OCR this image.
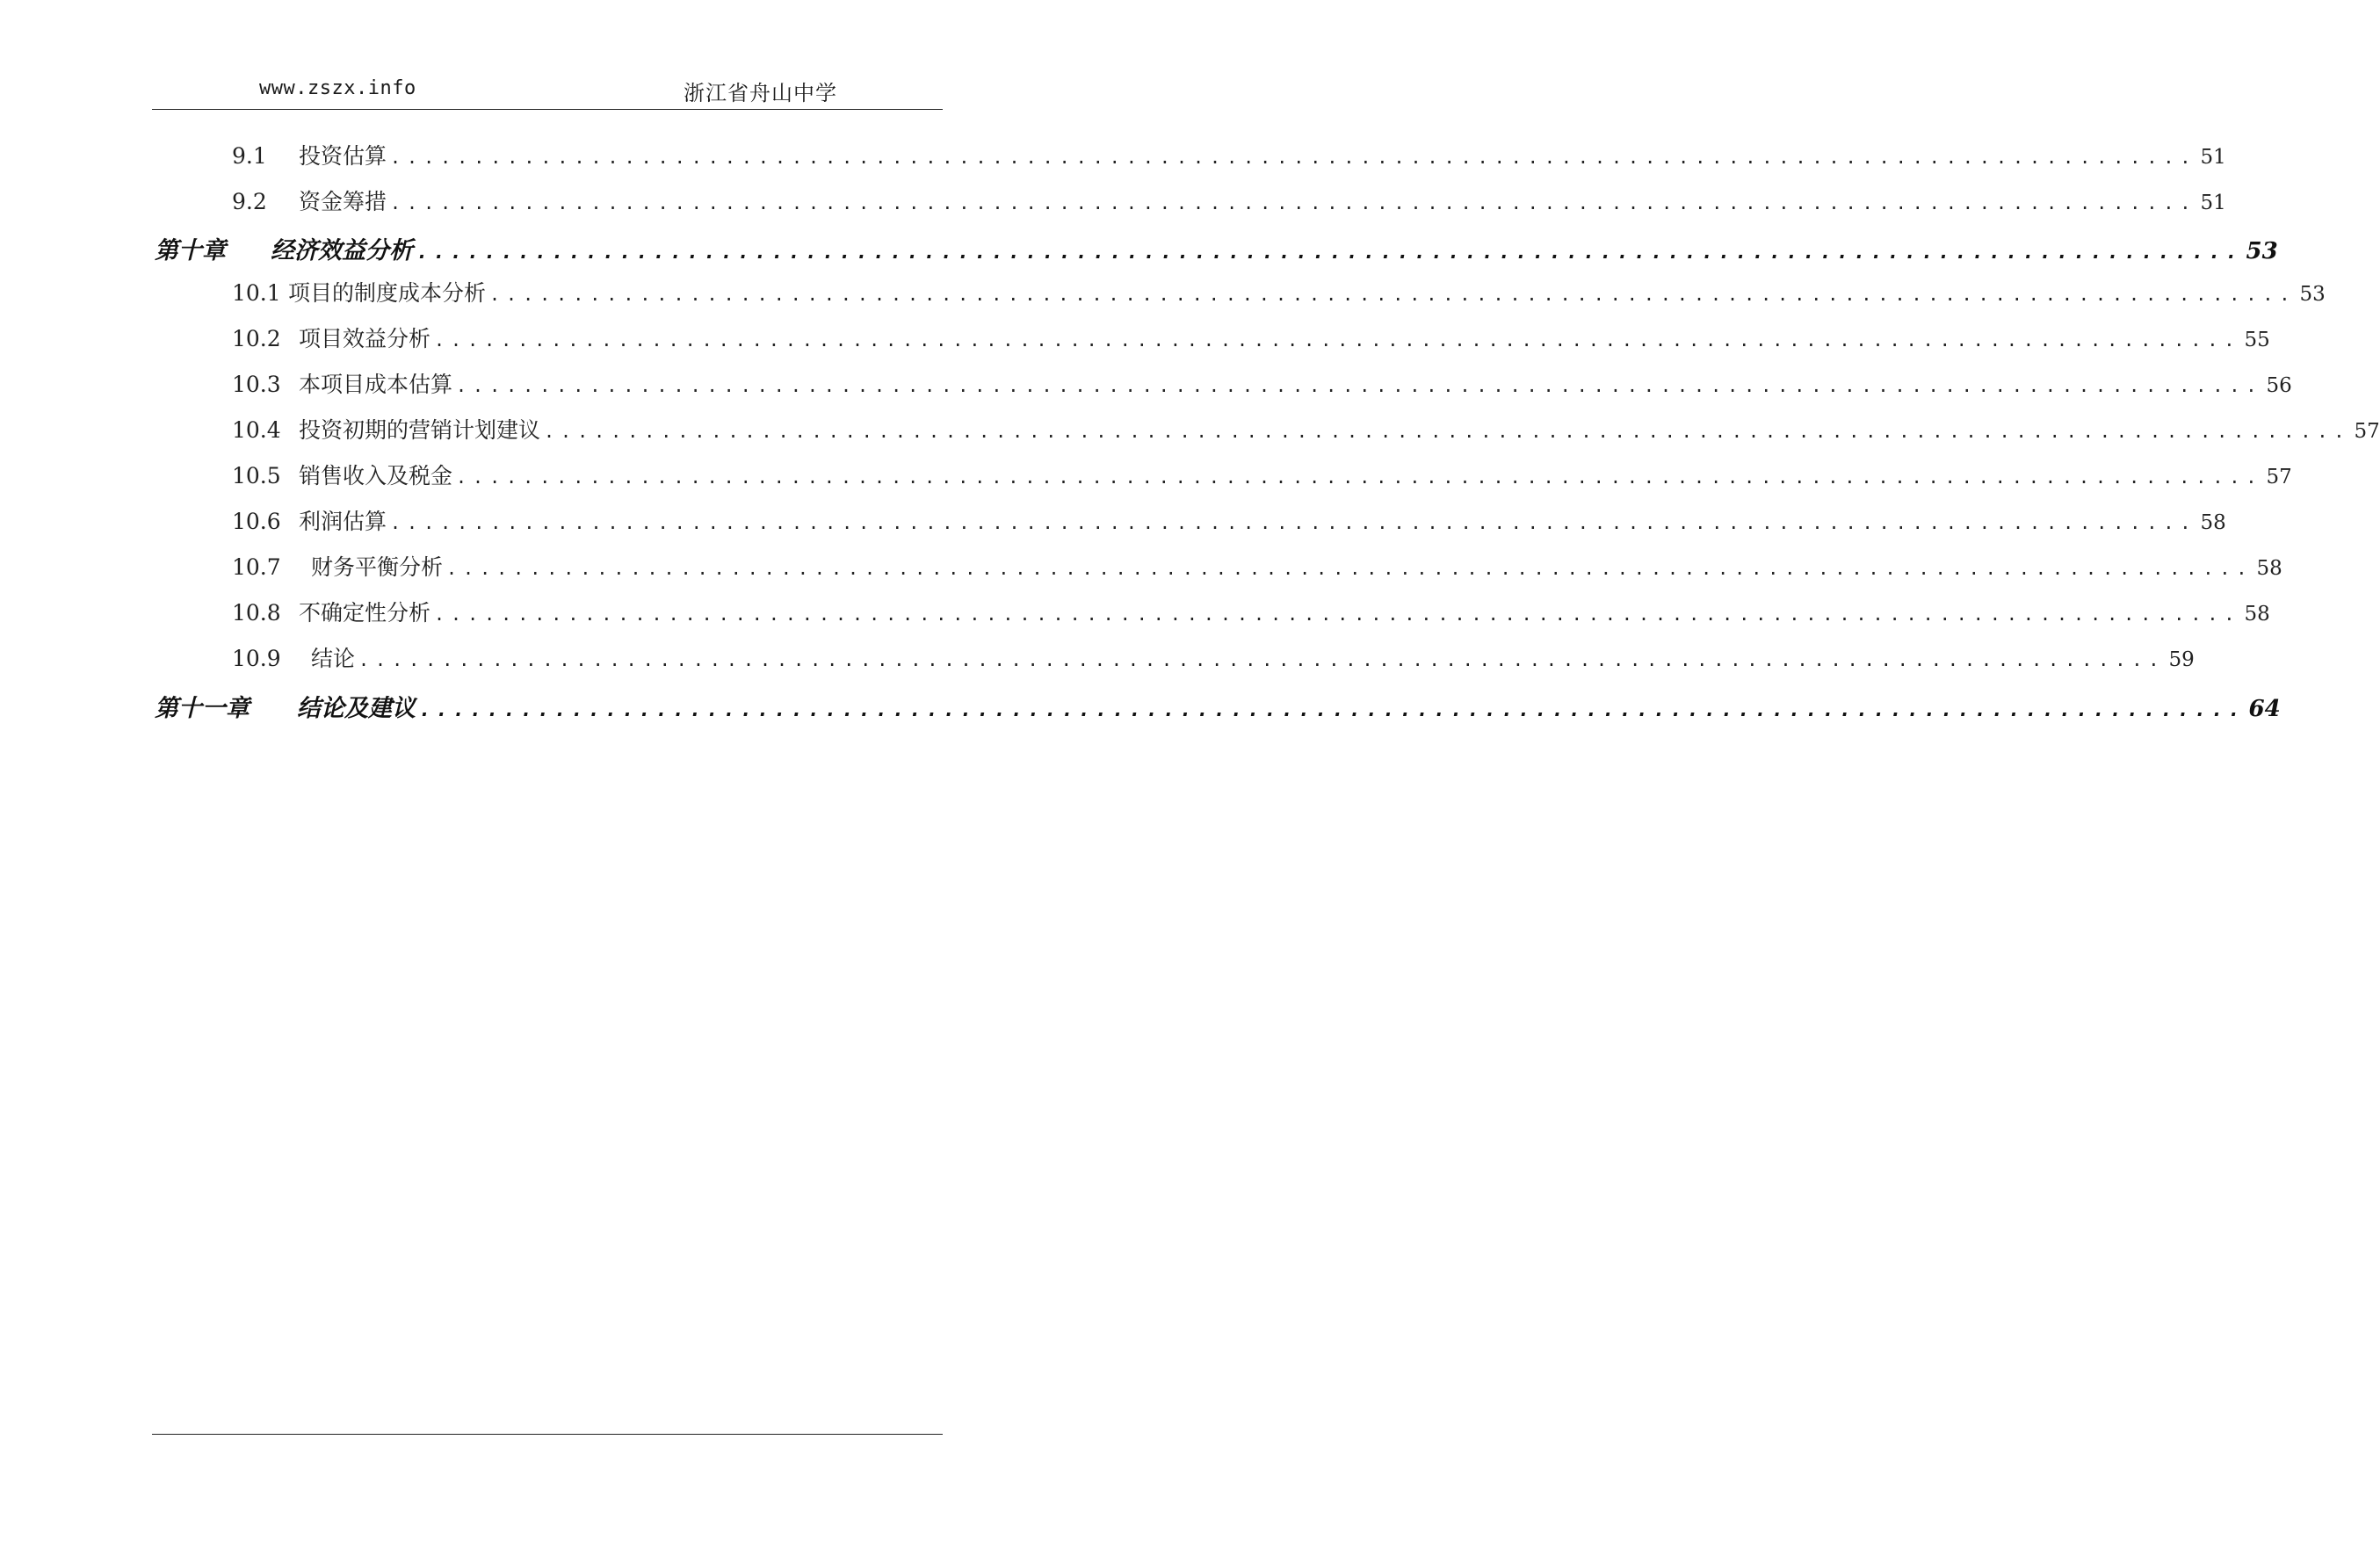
www.zszx.info	浙江省舟山中学
9.1	投资估算 ............................................................................................................ 51
9.2	资金筹措 ............................................................................................................ 51
第十章	经济效益分析 ............................................................................................................ 53
10.1 项目的制度成本分析 ............................................................................................................ 53
10.2 项目效益分析 ............................................................................................................ 55
10.3 本项目成本估算 ............................................................................................................ 56
10.4 投资初期的营销计划建议 ............................................................................................................ 57
10.5 销售收入及税金 ............................................................................................................ 57
10.6 利润估算 ............................................................................................................ 58
10.7	财务平衡分析 ............................................................................................................ 58
10.8 不确定性分析 ............................................................................................................ 58
10.9	结论 ............................................................................................................ 59
第十一章	结论及建议 ............................................................................................................ 64
